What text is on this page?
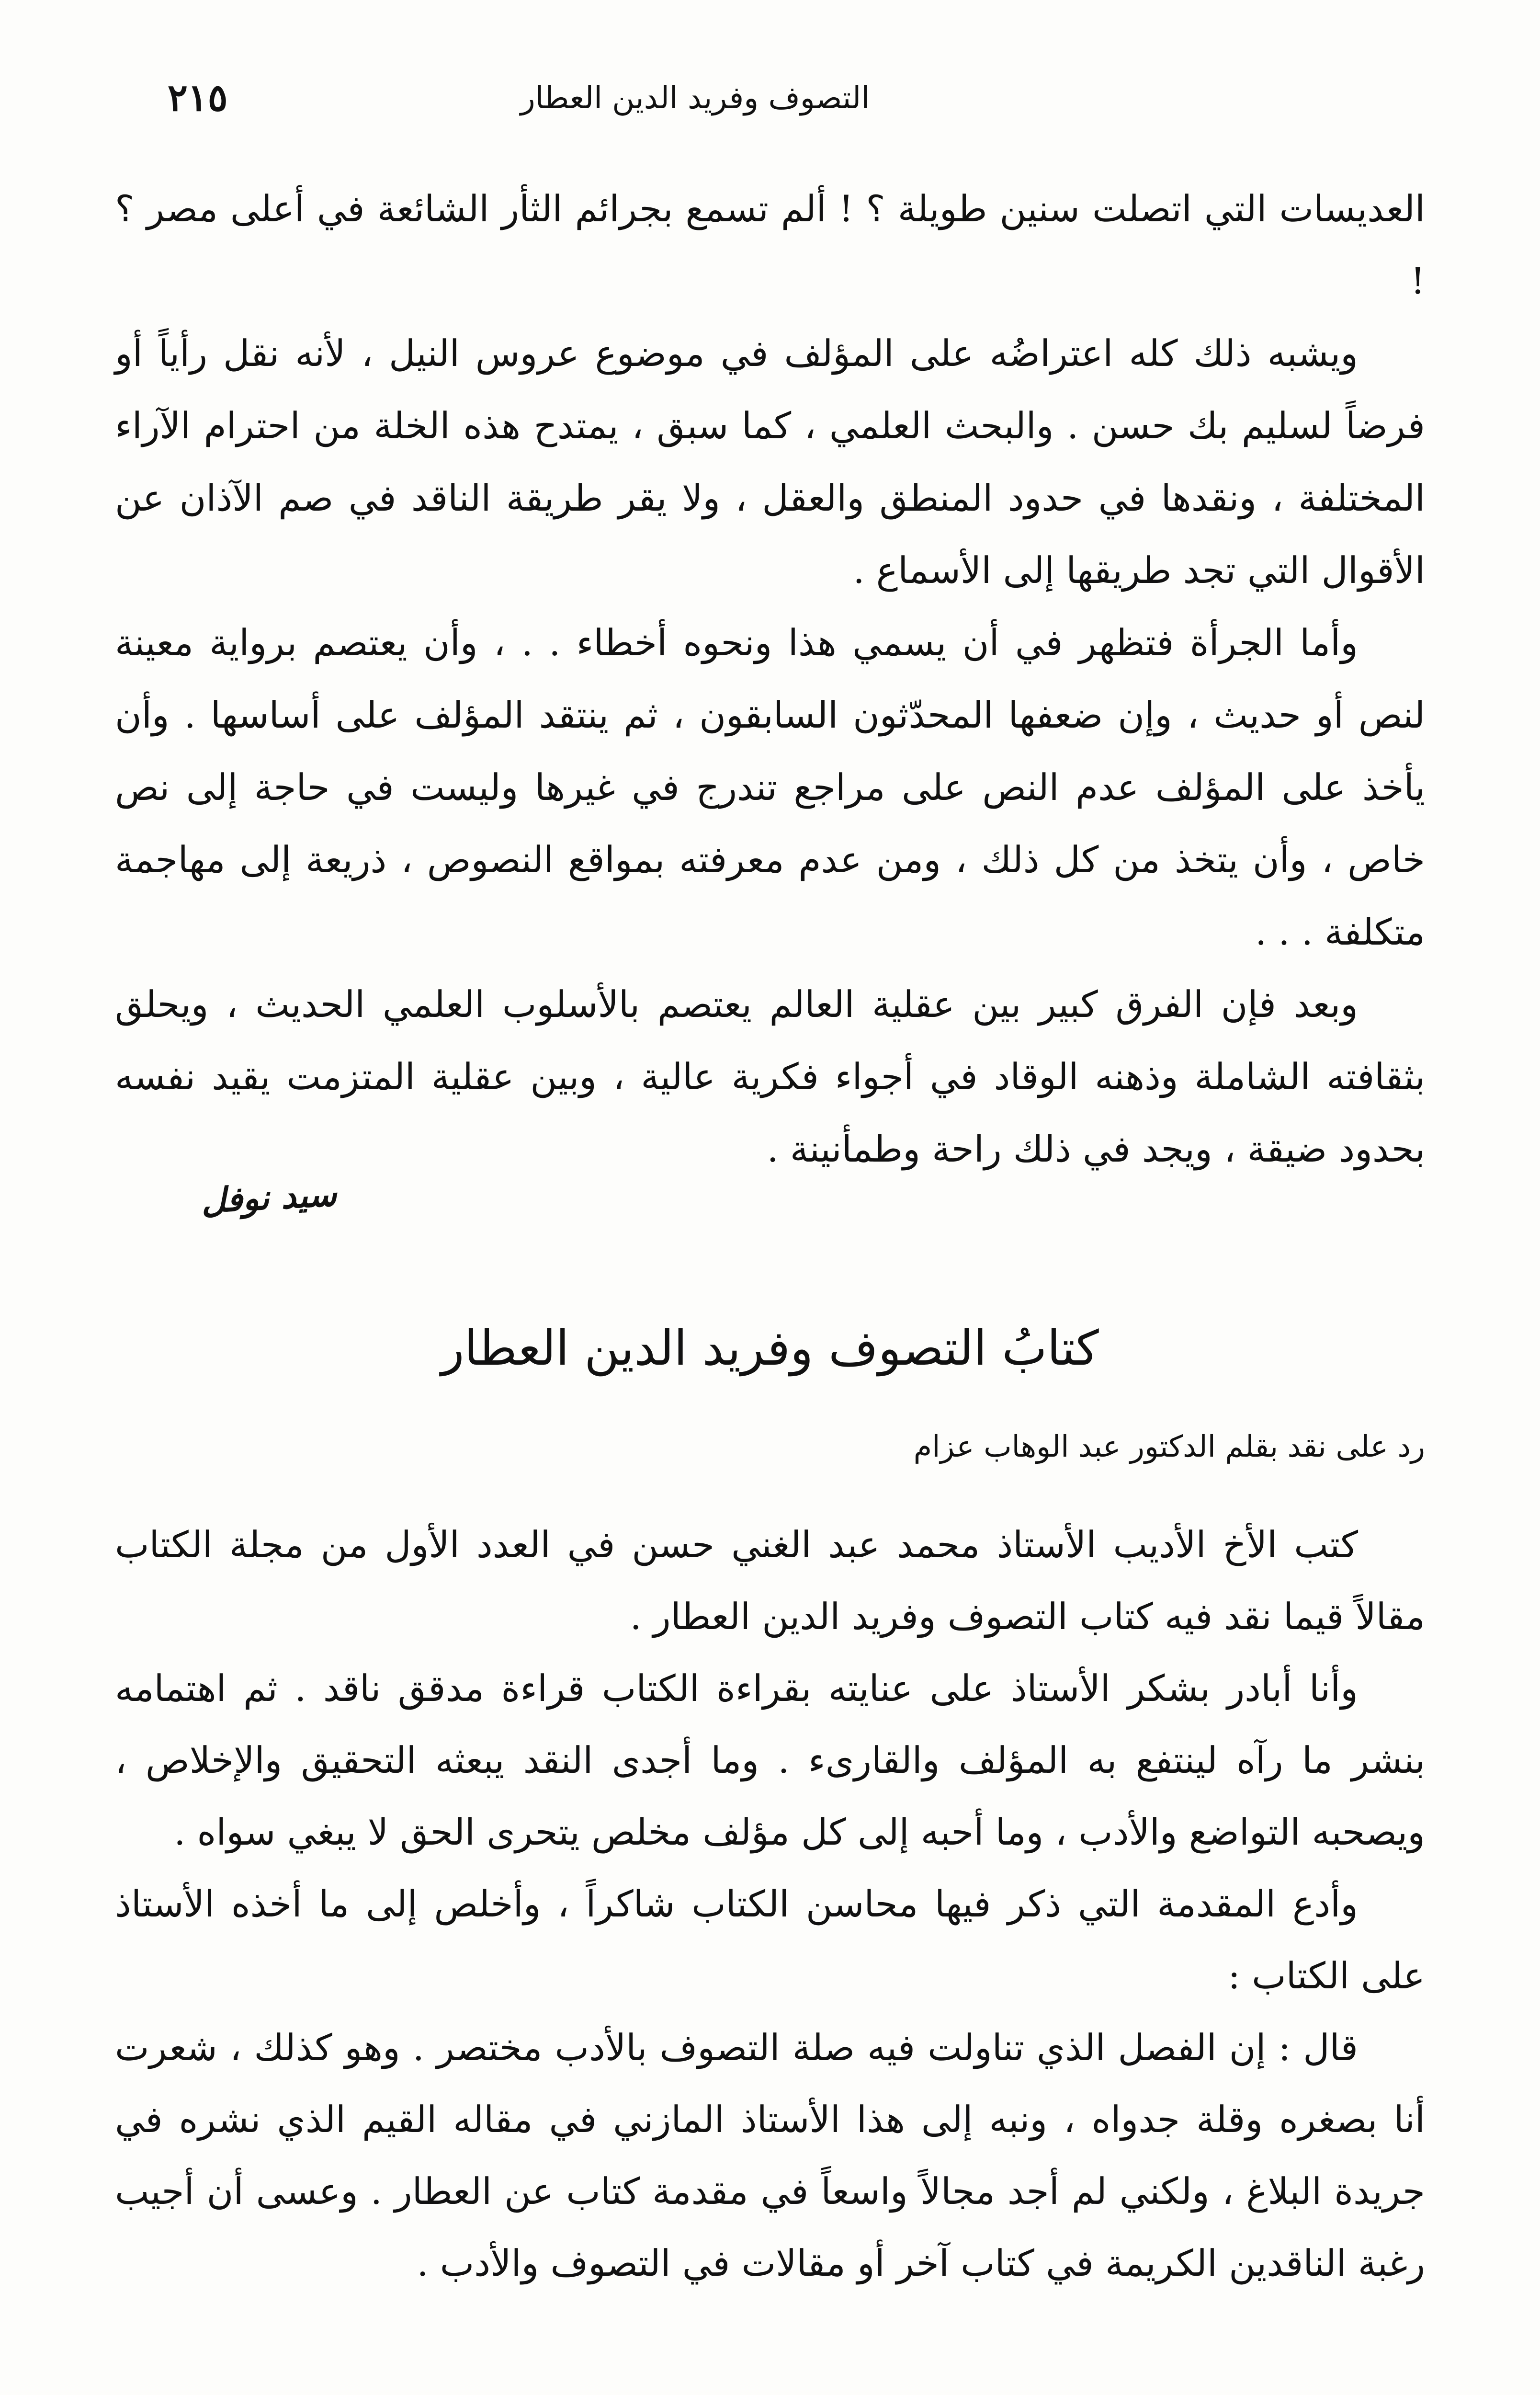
التصوف وفريد الدين العطار
٢١٥

العديسات التي اتصلت سنين طويلة ؟ ! ألم تسمع بجرائم الثأر الشائعة في أعلى مصر ؟ !

ويشبه ذلك كله اعتراضُه على المؤلف في موضوع عروس النيل ، لأنه نقل رأياً أو فرضاً لسليم بك حسن . والبحث العلمي ، كما سبق ، يمتدح هذه الخلة من احترام الآراء المختلفة ، ونقدها في حدود المنطق والعقل ، ولا يقر طريقة الناقد في صم الآذان عن الأقوال التي تجد طريقها إلى الأسماع .

وأما الجرأة فتظهر في أن يسمي هذا ونحوه أخطاء . . ، وأن يعتصم برواية معينة لنص أو حديث ، وإن ضعفها المحدّثون السابقون ، ثم ينتقد المؤلف على أساسها . وأن يأخذ على المؤلف عدم النص على مراجع تندرج في غيرها وليست في حاجة إلى نص خاص ، وأن يتخذ من كل ذلك ، ومن عدم معرفته بمواقع النصوص ، ذريعة إلى مهاجمة متكلفة . . .

وبعد فإن الفرق كبير بين عقلية العالم يعتصم بالأسلوب العلمي الحديث ، ويحلق بثقافته الشاملة وذهنه الوقاد في أجواء فكرية عالية ، وبين عقلية المتزمت يقيد نفسه بحدود ضيقة ، ويجد في ذلك راحة وطمأنينة .

سيد نوفل
كتابُ التصوف وفريد الدين العطار
رد على نقد بقلم الدكتور عبد الوهاب عزام

كتب الأخ الأديب الأستاذ محمد عبد الغني حسن في العدد الأول من مجلة الكتاب مقالاً قيما نقد فيه كتاب التصوف وفريد الدين العطار .

وأنا أبادر بشكر الأستاذ على عنايته بقراءة الكتاب قراءة مدقق ناقد . ثم اهتمامه بنشر ما رآه لينتفع به المؤلف والقارىء . وما أجدى النقد يبعثه التحقيق والإخلاص ، ويصحبه التواضع والأدب ، وما أحبه إلى كل مؤلف مخلص يتحرى الحق لا يبغي سواه .

وأدع المقدمة التي ذكر فيها محاسن الكتاب شاكراً ، وأخلص إلى ما أخذه الأستاذ على الكتاب :

قال : إن الفصل الذي تناولت فيه صلة التصوف بالأدب مختصر . وهو كذلك ، شعرت أنا بصغره وقلة جدواه ، ونبه إلى هذا الأستاذ المازني في مقاله القيم الذي نشره في جريدة البلاغ ، ولكني لم أجد مجالاً واسعاً في مقدمة كتاب عن العطار . وعسى أن أجيب رغبة الناقدين الكريمة في كتاب آخر أو مقالات في التصوف والأدب .
